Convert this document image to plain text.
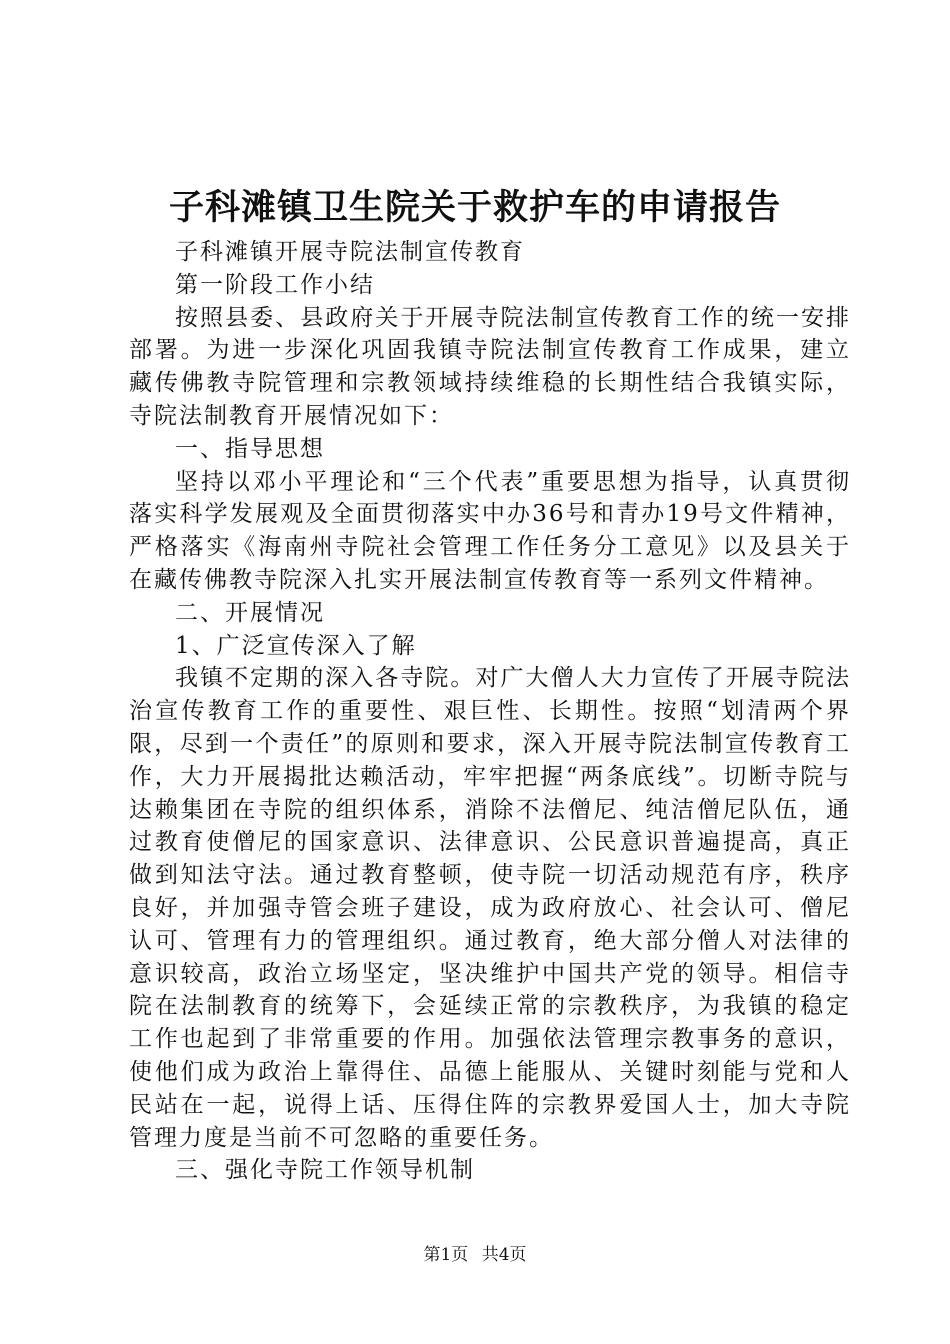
子科滩镇卫生院关于救护车的申请报告

子科滩镇开展寺院法制宣传教育

第一阶段工作小结

按照县委、县政府关于开展寺院法制宣传教育工作的统一安排部署。为进一步深化巩固我镇寺院法制宣传教育工作成果，建立藏传佛教寺院管理和宗教领域持续维稳的长期性结合我镇实际，寺院法制教育开展情况如下：

一、指导思想

坚持以邓小平理论和“三个代表”重要思想为指导，认真贯彻落实科学发展观及全面贯彻落实中办36号和青办19号文件精神，严格落实《海南州寺院社会管理工作任务分工意见》以及县关于在藏传佛教寺院深入扎实开展法制宣传教育等一系列文件精神。

二、开展情况

1、广泛宣传深入了解

我镇不定期的深入各寺院。对广大僧人大力宣传了开展寺院法治宣传教育工作的重要性、艰巨性、长期性。按照“划清两个界限，尽到一个责任”的原则和要求，深入开展寺院法制宣传教育工作，大力开展揭批达赖活动，牢牢把握“两条底线”。切断寺院与达赖集团在寺院的组织体系，消除不法僧尼、纯洁僧尼队伍，通过教育使僧尼的国家意识、法律意识、公民意识普遍提高，真正做到知法守法。通过教育整顿，使寺院一切活动规范有序，秩序良好，并加强寺管会班子建设，成为政府放心、社会认可、僧尼认可、管理有力的管理组织。通过教育，绝大部分僧人对法律的意识较高，政治立场坚定，坚决维护中国共产党的领导。相信寺院在法制教育的统筹下，会延续正常的宗教秩序，为我镇的稳定工作也起到了非常重要的作用。加强依法管理宗教事务的意识，使他们成为政治上靠得住、品德上能服从、关键时刻能与党和人民站在一起，说得上话、压得住阵的宗教界爱国人士，加大寺院管理力度是当前不可忽略的重要任务。

三、强化寺院工作领导机制

第1页 共4页
